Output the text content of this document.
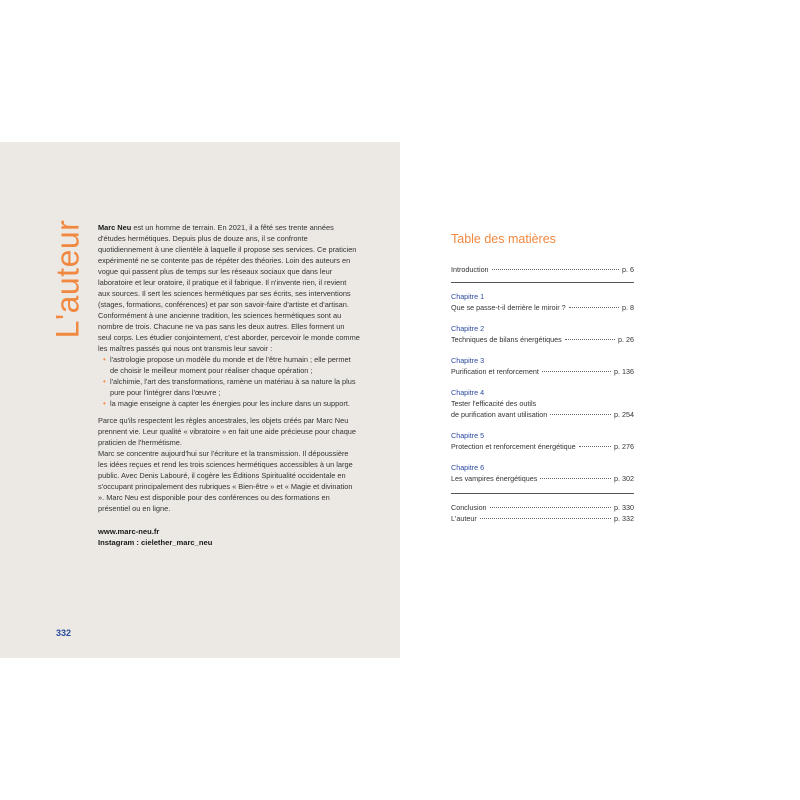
L'auteur Marc Neu est un homme de terrain. En 2021, il a fêté ses trente années d'études hermétiques. Depuis plus de douze ans, il se confronte quotidiennement à une clientèle à laquelle il propose ses services. Ce praticien expérimenté ne se contente pas de répéter des théories. Loin des auteurs en vogue qui passent plus de temps sur les réseaux sociaux que dans leur laboratoire et leur oratoire, il pratique et il fabrique. Il n'invente rien, il revient aux sources. Il sert les sciences hermétiques par ses écrits, ses interventions (stages, formations, conférences) et par son savoir-faire d'artiste et d'artisan.

Conformément à une ancienne tradition, les sciences hermétiques sont au nombre de trois. Chacune ne va pas sans les deux autres. Elles forment un seul corps. Les étudier conjointement, c'est aborder, percevoir le monde comme les maîtres passés qui nous ont transmis leur savoir :

• l'astrologie propose un modèle du monde et de l'être humain ; elle permet de choisir le meilleur moment pour réaliser chaque opération ;
• l'alchimie, l'art des transformations, ramène un matériau à sa nature la plus pure pour l'intégrer dans l'œuvre ;
• la magie enseigne à capter les énergies pour les inclure dans un support.

Parce qu'ils respectent les règles ancestrales, les objets créés par Marc Neu prennent vie. Leur qualité « vibratoire » en fait une aide précieuse pour chaque praticien de l'hermétisme.

Marc se concentre aujourd'hui sur l'écriture et la transmission. Il dépoussière les idées reçues et rend les trois sciences hermétiques accessibles à un large public. Avec Denis Labouré, il cogère les Éditions Spiritualité occidentale en s'occupant principalement des rubriques « Bien-être » et « Magie et divination ». Marc Neu est disponible pour des conférences ou des formations en présentiel ou en ligne.

www.marc-neu.fr

Instagram : cielether_marc_neu

332
Table des matières
Introduction	p. 6
Chapitre 1
Que se passe-t-il derrière le miroir ?	p. 8
Chapitre 2
Techniques de bilans énergétiques	p. 26
Chapitre 3
Purification et renforcement	p. 136
Chapitre 4
Tester l'efficacité des outils
de purification avant utilisation	p. 254
Chapitre 5
Protection et renforcement énergétique	p. 276
Chapitre 6
Les vampires énergétiques	p. 302
Conclusion	p. 330
L'auteur	p. 332
